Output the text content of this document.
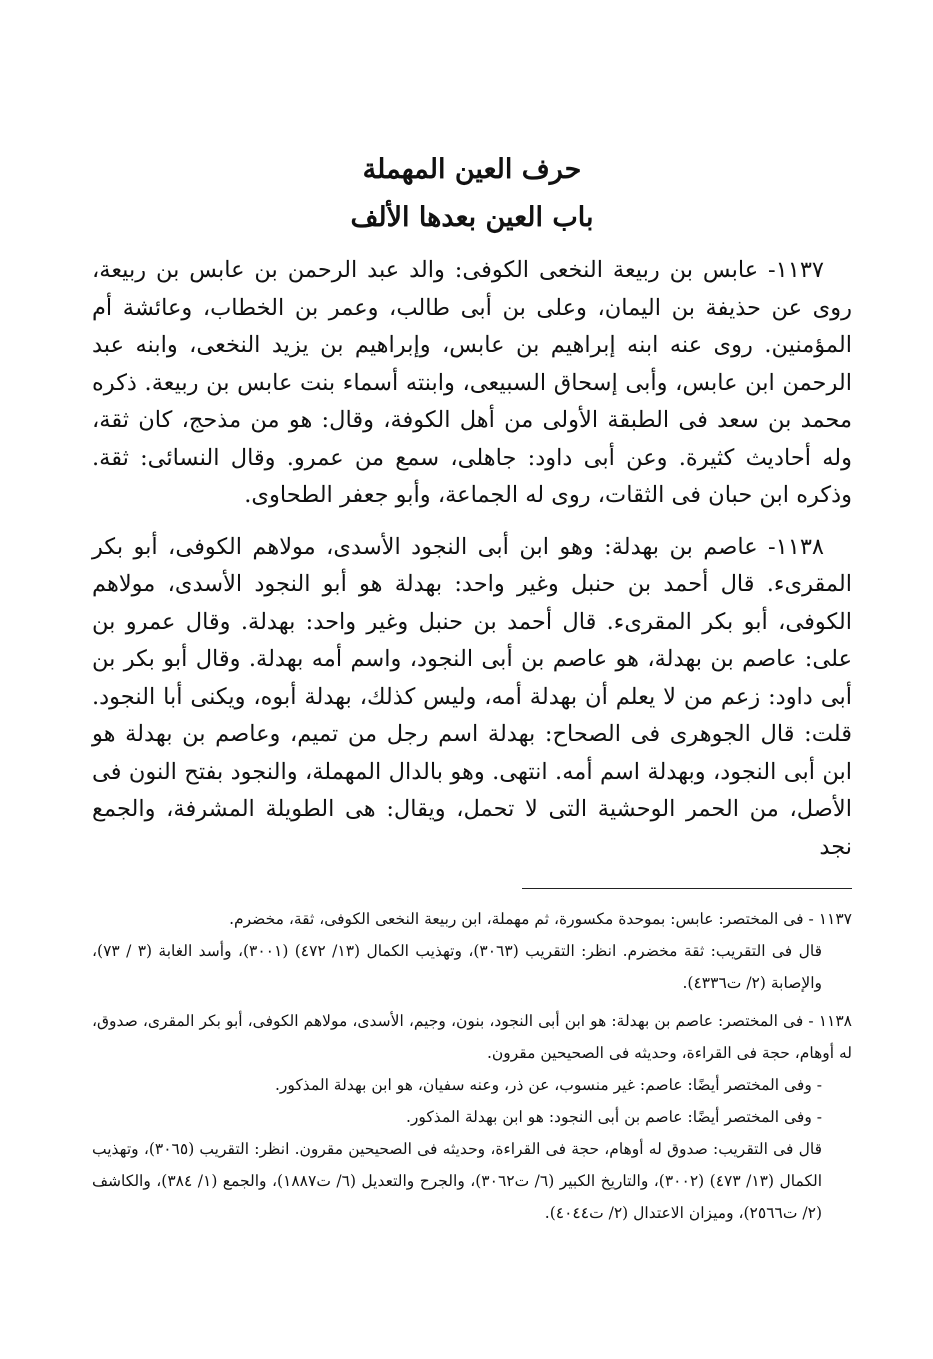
حرف العين المهملة
باب العين بعدها الألف

١١٣٧- عابس بن ربيعة النخعى الكوفى: والد عبد الرحمن بن عابس بن ربيعة، روى عن حذيفة بن اليمان، وعلى بن أبى طالب، وعمر بن الخطاب، وعائشة أم المؤمنين. روى عنه ابنه إبراهيم بن عابس، وإبراهيم بن يزيد النخعى، وابنه عبد الرحمن ابن عابس، وأبى إسحاق السبيعى، وابنته أسماء بنت عابس بن ربيعة. ذكره محمد بن سعد فى الطبقة الأولى من أهل الكوفة، وقال: هو من مذحج، كان ثقة، وله أحاديث كثيرة. وعن أبى داود: جاهلى، سمع من عمرو. وقال النسائى: ثقة. وذكره ابن حبان فى الثقات، روى له الجماعة، وأبو جعفر الطحاوى.

١١٣٨- عاصم بن بهدلة: وهو ابن أبى النجود الأسدى، مولاهم الكوفى، أبو بكر المقرىء. قال أحمد بن حنبل وغير واحد: بهدلة هو أبو النجود الأسدى، مولاهم الكوفى، أبو بكر المقرىء. قال أحمد بن حنبل وغير واحد: بهدلة. وقال عمرو بن على: عاصم بن بهدلة، هو عاصم بن أبى النجود، واسم أمه بهدلة. وقال أبو بكر بن أبى داود: زعم من لا يعلم أن بهدلة أمه، وليس كذلك، بهدلة أبوه، ويكنى أبا النجود. قلت: قال الجوهرى فى الصحاح: بهدلة اسم رجل من تميم، وعاصم بن بهدلة هو ابن أبى النجود، وبهدلة اسم أمه. انتهى. وهو بالدال المهملة، والنجود بفتح النون فى الأصل، من الحمر الوحشية التى لا تحمل، ويقال: هى الطويلة المشرفة، والجمع نجد

١١٣٧ - فى المختصر: عابس: بموحدة مكسورة، ثم مهملة، ابن ربيعة النخعى الكوفى، ثقة، مخضرم.

قال فى التقريب: ثقة مخضرم. انظر: التقريب (٣٠٦٣)، وتهذيب الكمال (١٣/ ٤٧٢) (٣٠٠١)، وأسد الغابة (٣ / ٧٣)، والإصابة (٢/ ت٤٣٣٦).

١١٣٨ - فى المختصر: عاصم بن بهدلة: هو ابن أبى النجود، بنون، وجيم، الأسدى، مولاهم الكوفى، أبو بكر المقرى، صدوق، له أوهام، حجة فى القراءة، وحديثه فى الصحيحين مقرون.

- وفى المختصر أيضًا: عاصم: غير منسوب، عن ذر، وعنه سفيان، هو ابن بهدلة المذكور.

- وفى المختصر أيضًا: عاصم بن أبى النجود: هو ابن بهدلة المذكور.

قال فى التقريب: صدوق له أوهام، حجة فى القراءة، وحديثه فى الصحيحين مقرون. انظر: التقريب (٣٠٦٥)، وتهذيب الكمال (١٣/ ٤٧٣) (٣٠٠٢)، والتاريخ الكبير (٦/ ت٣٠٦٢)، والجرح والتعديل (٦/ ت١٨٨٧)، والجمع (١/ ٣٨٤)، والكاشف (٢/ ت٢٥٦٦)، وميزان الاعتدال (٢/ ت٤٠٤٤).
